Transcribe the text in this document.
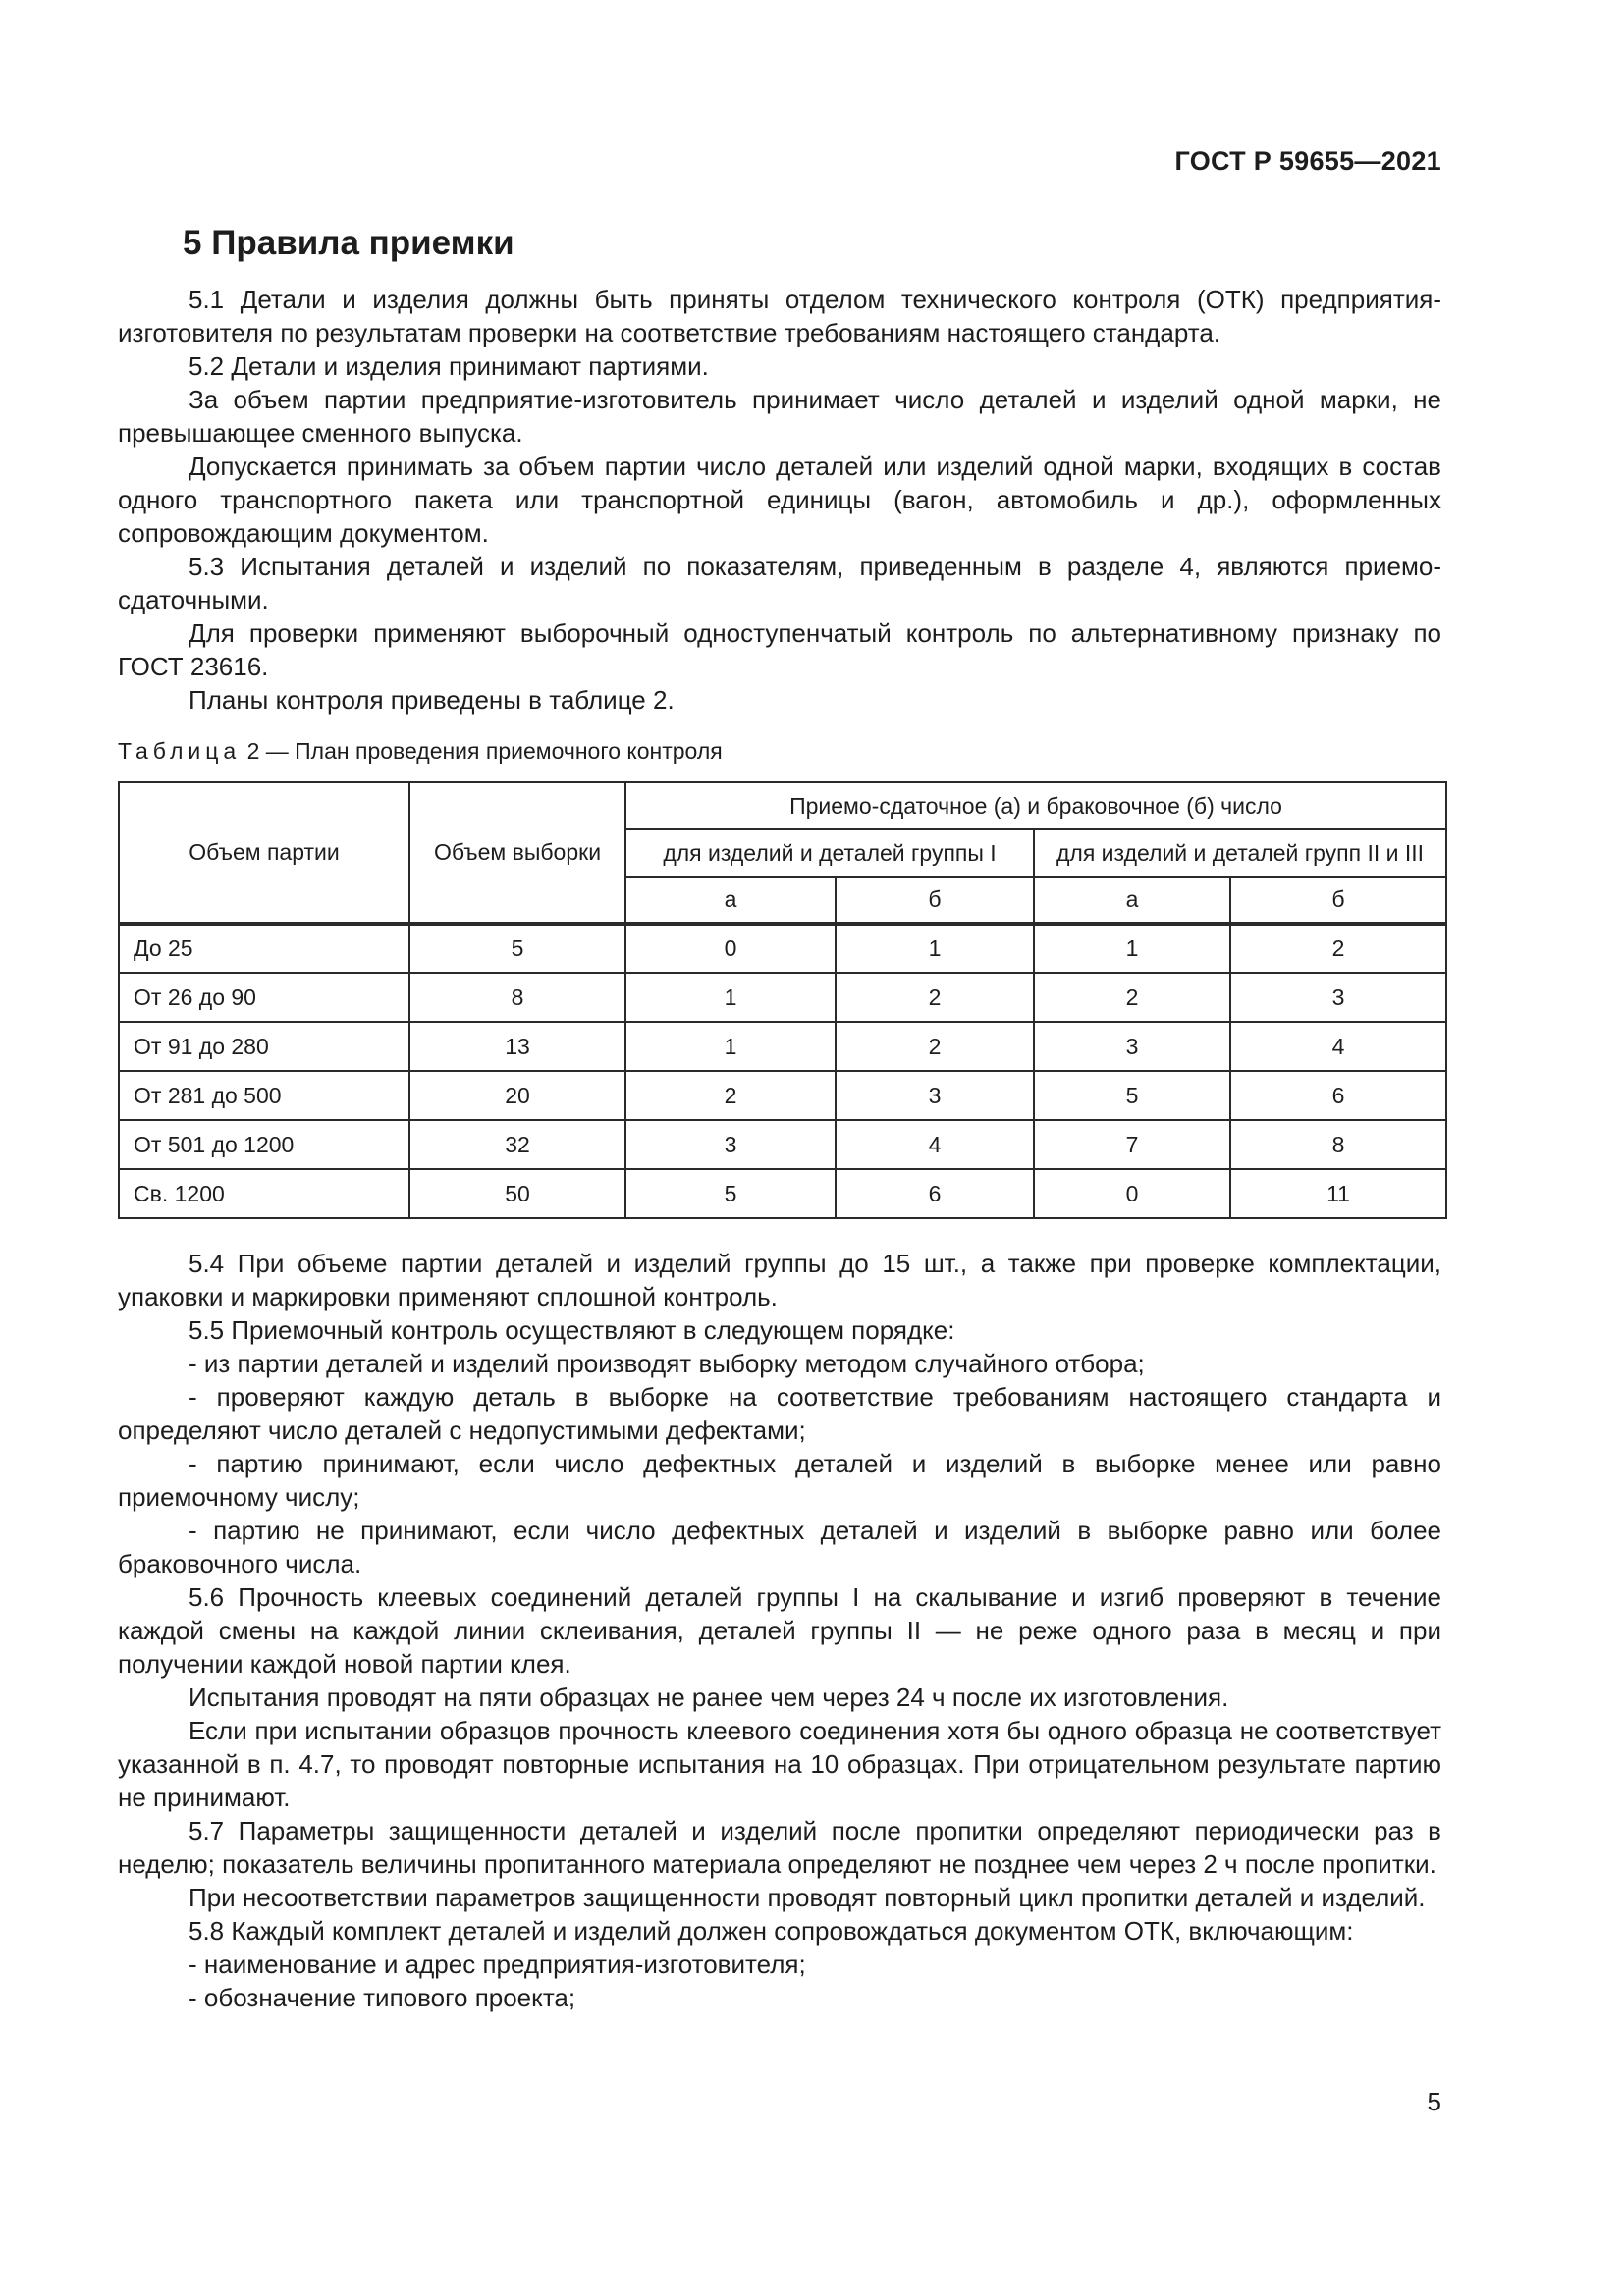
ГОСТ Р 59655—2021
5 Правила приемки

5.1 Детали и изделия должны быть приняты отделом технического контроля (ОТК) предприятия-изготовителя по результатам проверки на соответствие требованиям настоящего стандарта.

5.2 Детали и изделия принимают партиями.

За объем партии предприятие-изготовитель принимает число деталей и изделий одной марки, не превышающее сменного выпуска.

Допускается принимать за объем партии число деталей или изделий одной марки, входящих в состав одного транспортного пакета или транспортной единицы (вагон, автомобиль и др.), оформленных сопровождающим документом.

5.3 Испытания деталей и изделий по показателям, приведенным в разделе 4, являются приемо-сдаточными.

Для проверки применяют выборочный одноступенчатый контроль по альтернативному признаку по ГОСТ 23616.

Планы контроля приведены в таблице 2.

Таблица 2 — План проведения приемочного контроля
Объем партии	Объем выборки	Приемо-сдаточное (а) и браковочное (б) число			
		для изделий и деталей группы I		для изделий и деталей групп II и III	
		а	б	а	б
До 25	5	0	1	1	2
От 26 до 90	8	1	2	2	3
От 91 до 280	13	1	2	3	4
От 281 до 500	20	2	3	5	6
От 501 до 1200	32	3	4	7	8
Св. 1200	50	5	6	0	11

5.4 При объеме партии деталей и изделий группы до 15 шт., а также при проверке комплектации, упаковки и маркировки применяют сплошной контроль.

5.5 Приемочный контроль осуществляют в следующем порядке:

- из партии деталей и изделий производят выборку методом случайного отбора;

- проверяют каждую деталь в выборке на соответствие требованиям настоящего стандарта и определяют число деталей с недопустимыми дефектами;

- партию принимают, если число дефектных деталей и изделий в выборке менее или равно приемочному числу;

- партию не принимают, если число дефектных деталей и изделий в выборке равно или более браковочного числа.

5.6 Прочность клеевых соединений деталей группы I на скалывание и изгиб проверяют в течение каждой смены на каждой линии склеивания, деталей группы II — не реже одного раза в месяц и при получении каждой новой партии клея.

Испытания проводят на пяти образцах не ранее чем через 24 ч после их изготовления.

Если при испытании образцов прочность клеевого соединения хотя бы одного образца не соответствует указанной в п. 4.7, то проводят повторные испытания на 10 образцах. При отрицательном результате партию не принимают.

5.7 Параметры защищенности деталей и изделий после пропитки определяют периодически раз в неделю; показатель величины пропитанного материала определяют не позднее чем через 2 ч после пропитки.

При несоответствии параметров защищенности проводят повторный цикл пропитки деталей и изделий.

5.8 Каждый комплект деталей и изделий должен сопровождаться документом ОТК, включающим:

- наименование и адрес предприятия-изготовителя;

- обозначение типового проекта;

5
